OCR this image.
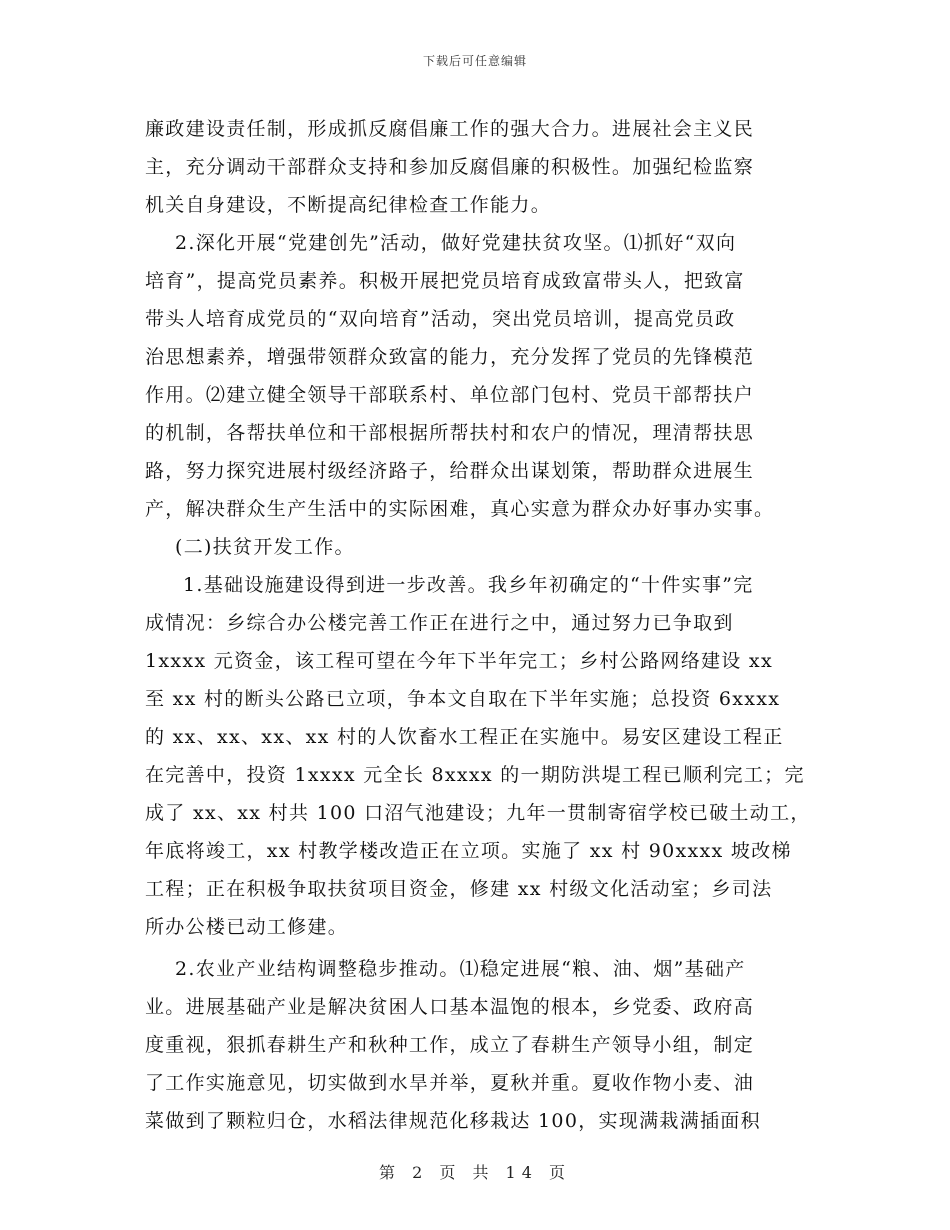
下载后可任意编辑
廉政建设责任制，形成抓反腐倡廉工作的强大合力。进展社会主义民
主，充分调动干部群众支持和参加反腐倡廉的积极性。加强纪检监察
机关自身建设，不断提高纪律检查工作能力。
2.深化开展“党建创先”活动，做好党建扶贫攻坚。⑴抓好“双向
培育”，提高党员素养。积极开展把党员培育成致富带头人，把致富
带头人培育成党员的“双向培育”活动，突出党员培训，提高党员政
治思想素养，增强带领群众致富的能力，充分发挥了党员的先锋模范
作用。⑵建立健全领导干部联系村、单位部门包村、党员干部帮扶户
的机制，各帮扶单位和干部根据所帮扶村和农户的情况，理清帮扶思
路，努力探究进展村级经济路子，给群众出谋划策，帮助群众进展生
产，解决群众生产生活中的实际困难，真心实意为群众办好事办实事。
(二)扶贫开发工作。
1.基础设施建设得到进一步改善。我乡年初确定的“十件实事”完
成情况：乡综合办公楼完善工作正在进行之中，通过努力已争取到
1xxxx 元资金，该工程可望在今年下半年完工；乡村公路网络建设 xx
至 xx 村的断头公路已立项，争本文自取在下半年实施；总投资 6xxxx
的 xx、xx、xx、xx 村的人饮畜水工程正在实施中。易安区建设工程正
在完善中，投资 1xxxx 元全长 8xxxx 的一期防洪堤工程已顺利完工；完
成了 xx、xx 村共 100 口沼气池建设；九年一贯制寄宿学校已破土动工，
年底将竣工，xx 村教学楼改造正在立项。实施了 xx 村 90xxxx 坡改梯
工程；正在积极争取扶贫项目资金，修建 xx 村级文化活动室；乡司法
所办公楼已动工修建。
2.农业产业结构调整稳步推动。⑴稳定进展“粮、油、烟”基础产
业。进展基础产业是解决贫困人口基本温饱的根本，乡党委、政府高
度重视，狠抓春耕生产和秋种工作，成立了春耕生产领导小组，制定
了工作实施意见，切实做到水旱并举，夏秋并重。夏收作物小麦、油
菜做到了颗粒归仓，水稻法律规范化移栽达 100，实现满栽满插面积
第 2 页 共 14 页
